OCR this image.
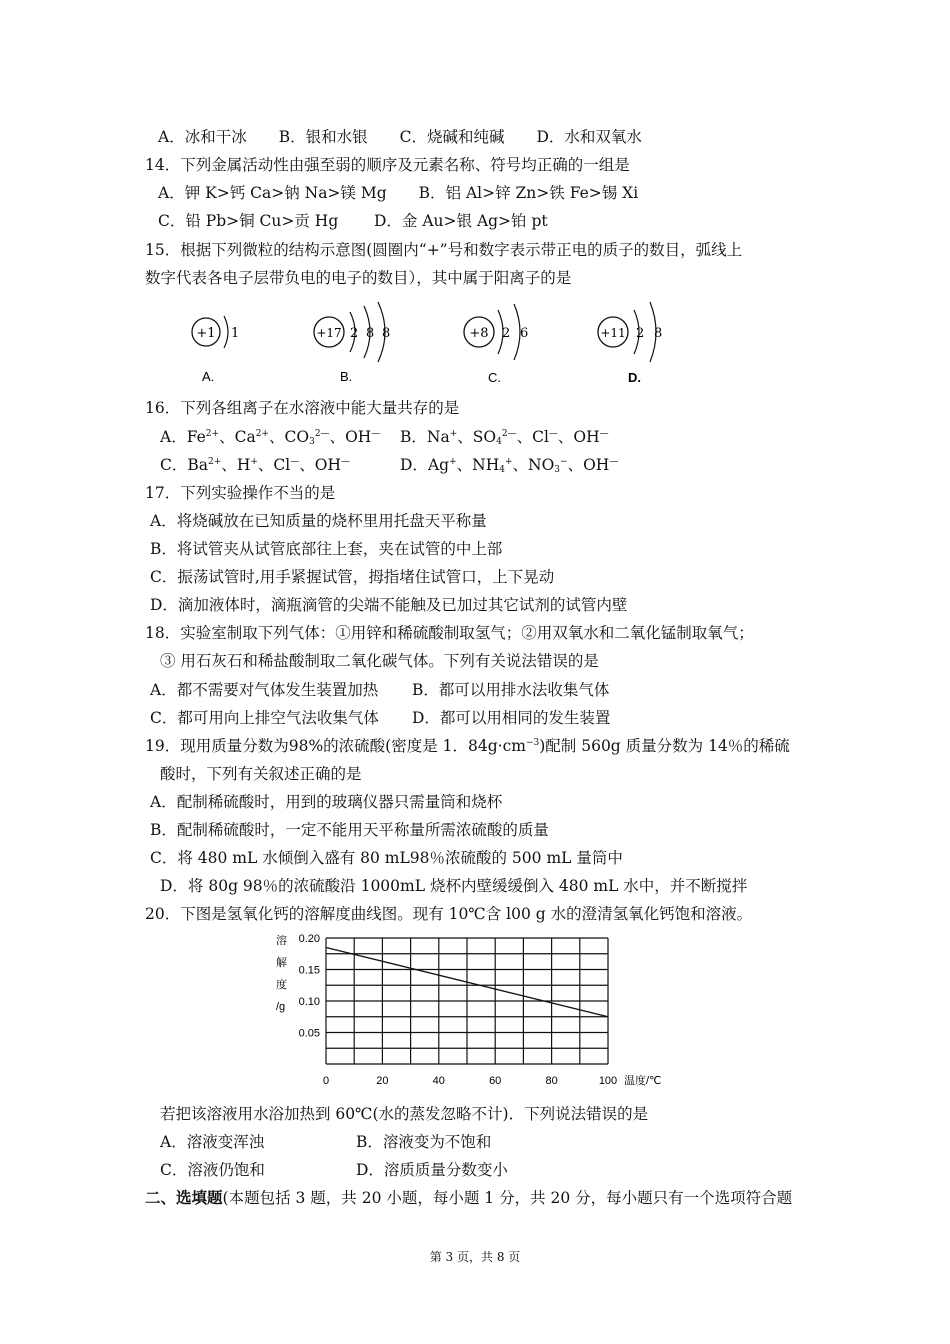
A．冰和干冰 B．银和水银 C．烧碱和纯碱 D．水和双氧水
14．下列金属活动性由强至弱的顺序及元素名称、符号均正确的一组是
A．钾 K>钙 Ca>钠 Na>镁 Mg B．铝 Al>锌 Zn>铁 Fe>锡 Xi
C．铅 Pb>铜 Cu>贡 Hg D．金 Au>银 Ag>铂 pt
15．根据下列微粒的结构示意图(圆圈内“+”号和数字表示带正电的质子的数目，弧线上
数字代表各电子层带负电的电子的数目），其中属于阳离子的是
+1 1
A.
+17 2 8 8
B.
+8 2 6
C.
+11 2 8
D.
16．下列各组离子在水溶液中能大量共存的是
A．$Fe^{2+}$、$Ca^{2+}$、$CO_3^{2—}$、OH— B．Na+、$SO_4^{2—}$、Cl—、OH—
C．$Ba^{2+}$、H+、Cl—、OH—	D．Ag+、$NH_4^+$、$NO_3^-$、OH—
17．下列实验操作不当的是
A．将烧碱放在已知质量的烧杯里用托盘天平称量
B．将试管夹从试管底部往上套，夹在试管的中上部
C．振荡试管时,用手紧握试管，拇指堵住试管口，上下晃动
D．滴加液体时，滴瓶滴管的尖端不能触及已加过其它试剂的试管内壁
18．实验室制取下列气体：①用锌和稀硫酸制取氢气；②用双氧水和二氧化锰制取氧气；
③ 用石灰石和稀盐酸制取二氧化碳气体。下列有关说法错误的是
A．都不需要对气体发生装置加热 B．都可以用排水法收集气体
C．都可用向上排空气法收集气体 D．都可以用相同的发生装置
19．现用质量分数为98%的浓硫酸(密度是 1．$84g\cdot cm^{-3}$)配制 560g 质量分数为 14％的稀硫
酸时，下列有关叙述正确的是
A．配制稀硫酸时，用到的玻璃仪器只需量筒和烧杯
B．配制稀硫酸时，一定不能用天平称量所需浓硫酸的质量
C．将 480 mL 水倾倒入盛有 80 mL98％浓硫酸的 500 mL 量筒中
D．将 80g 98％的浓硫酸沿 1000mL 烧杯内壁缓缓倒入 480 mL 水中，并不断搅拌
20．下图是氢氧化钙的溶解度曲线图。现有 10℃含 l00 g 水的澄清氢氧化钙饱和溶液。
溶
解
度
/g
0.20
0.15
0.10
0.05
0	20	40	60	80	100 温度/℃
若把该溶液用水浴加热到 60℃(水的蒸发忽略不计)．下列说法错误的是
A．溶液变浑浊	B．溶液变为不饱和
C．溶液仍饱和	D．溶质质量分数变小
二、选填题(本题包括 3 题，共 20 小题，每小题 1 分，共 20 分，每小题只有一个选项符合题
第 3 页，共 8 页
